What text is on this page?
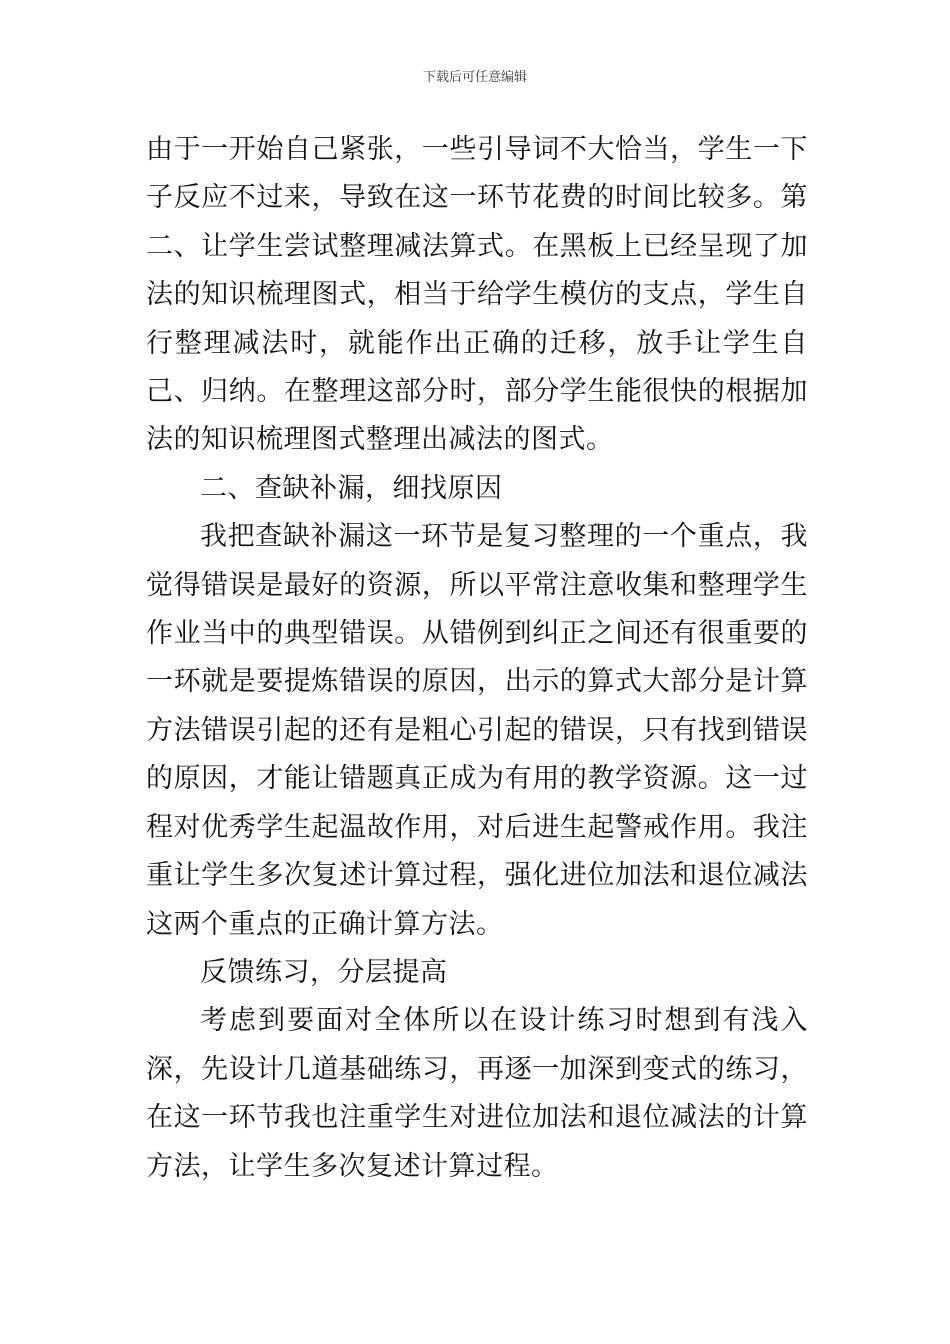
下载后可任意编辑

由于一开始自己紧张，一些引导词不大恰当，学生一下子反应不过来，导致在这一环节花费的时间比较多。第二、让学生尝试整理减法算式。在黑板上已经呈现了加法的知识梳理图式，相当于给学生模仿的支点，学生自行整理减法时，就能作出正确的迁移，放手让学生自己、归纳。在整理这部分时，部分学生能很快的根据加法的知识梳理图式整理出减法的图式。

二、查缺补漏，细找原因

我把查缺补漏这一环节是复习整理的一个重点，我觉得错误是最好的资源，所以平常注意收集和整理学生作业当中的典型错误。从错例到纠正之间还有很重要的一环就是要提炼错误的原因，出示的算式大部分是计算方法错误引起的还有是粗心引起的错误，只有找到错误的原因，才能让错题真正成为有用的教学资源。这一过程对优秀学生起温故作用，对后进生起警戒作用。我注重让学生多次复述计算过程，强化进位加法和退位减法这两个重点的正确计算方法。

反馈练习，分层提高

考虑到要面对全体所以在设计练习时想到有浅入深，先设计几道基础练习，再逐一加深到变式的练习，在这一环节我也注重学生对进位加法和退位减法的计算方法，让学生多次复述计算过程。
